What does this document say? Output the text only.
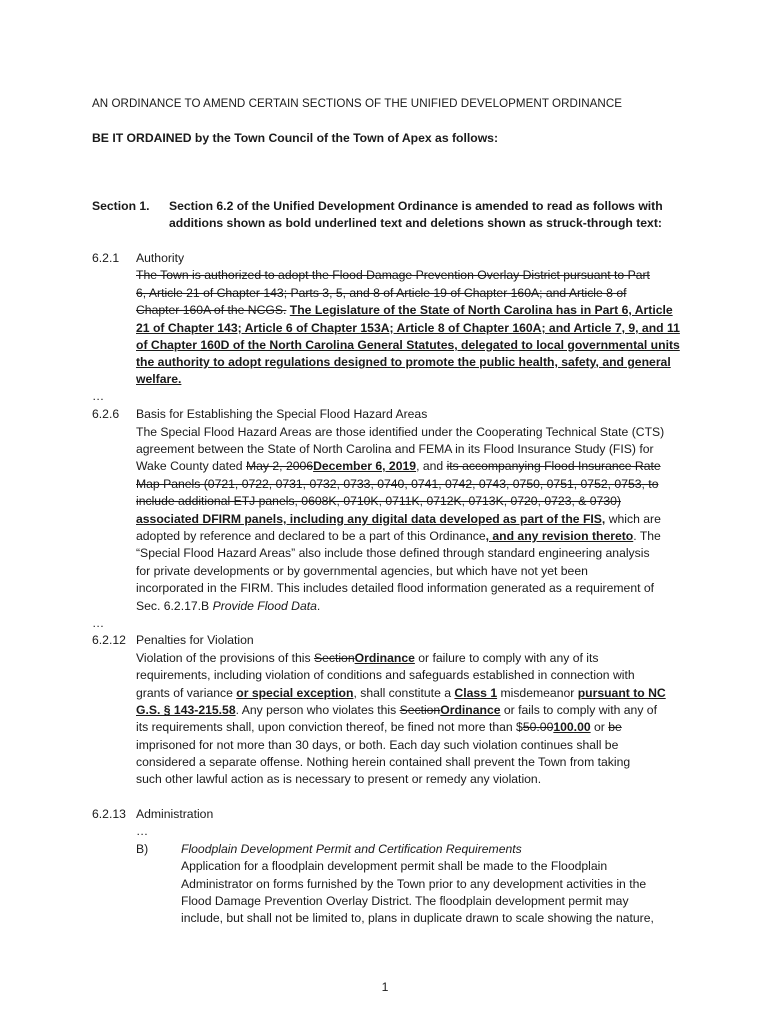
AN ORDINANCE TO AMEND CERTAIN SECTIONS OF THE UNIFIED DEVELOPMENT ORDINANCE
BE IT ORDAINED by the Town Council of the Town of Apex as follows:
Section 1. Section 6.2 of the Unified Development Ordinance is amended to read as follows with
additions shown as bold underlined text and deletions shown as struck-through text:
6.2.1 Authority
The Town is authorized to adopt the Flood Damage Prevention Overlay District pursuant to Part
6, Article 21 of Chapter 143; Parts 3, 5, and 8 of Article 19 of Chapter 160A; and Article 8 of
Chapter 160A of the NCGS. The Legislature of the State of North Carolina has in Part 6, Article
21 of Chapter 143; Article 6 of Chapter 153A; Article 8 of Chapter 160A; and Article 7, 9, and 11
of Chapter 160D of the North Carolina General Statutes, delegated to local governmental units
the authority to adopt regulations designed to promote the public health, safety, and general
welfare.
…
6.2.6 Basis for Establishing the Special Flood Hazard Areas
The Special Flood Hazard Areas are those identified under the Cooperating Technical State (CTS)
agreement between the State of North Carolina and FEMA in its Flood Insurance Study (FIS) for
Wake County dated May 2, 2006December 6, 2019, and its accompanying Flood Insurance Rate
Map Panels (0721, 0722, 0731, 0732, 0733, 0740, 0741, 0742, 0743, 0750, 0751, 0752, 0753, to
include additional ETJ panels, 0608K, 0710K, 0711K, 0712K, 0713K, 0720, 0723, & 0730)
associated DFIRM panels, including any digital data developed as part of the FIS, which are
adopted by reference and declared to be a part of this Ordinance, and any revision thereto. The
“Special Flood Hazard Areas” also include those defined through standard engineering analysis
for private developments or by governmental agencies, but which have not yet been
incorporated in the FIRM. This includes detailed flood information generated as a requirement of
Sec. 6.2.17.B Provide Flood Data.
…
6.2.12 Penalties for Violation
Violation of the provisions of this SectionOrdinance or failure to comply with any of its
requirements, including violation of conditions and safeguards established in connection with
grants of variance or special exception, shall constitute a Class 1 misdemeanor pursuant to NC
G.S. § 143-215.58. Any person who violates this SectionOrdinance or fails to comply with any of
its requirements shall, upon conviction thereof, be fined not more than $50.00100.00 or be
imprisoned for not more than 30 days, or both. Each day such violation continues shall be
considered a separate offense. Nothing herein contained shall prevent the Town from taking
such other lawful action as is necessary to present or remedy any violation.
6.2.13 Administration
…
B)	Floodplain Development Permit and Certification Requirements
Application for a floodplain development permit shall be made to the Floodplain
Administrator on forms furnished by the Town prior to any development activities in the
Flood Damage Prevention Overlay District. The floodplain development permit may
include, but shall not be limited to, plans in duplicate drawn to scale showing the nature,
1
